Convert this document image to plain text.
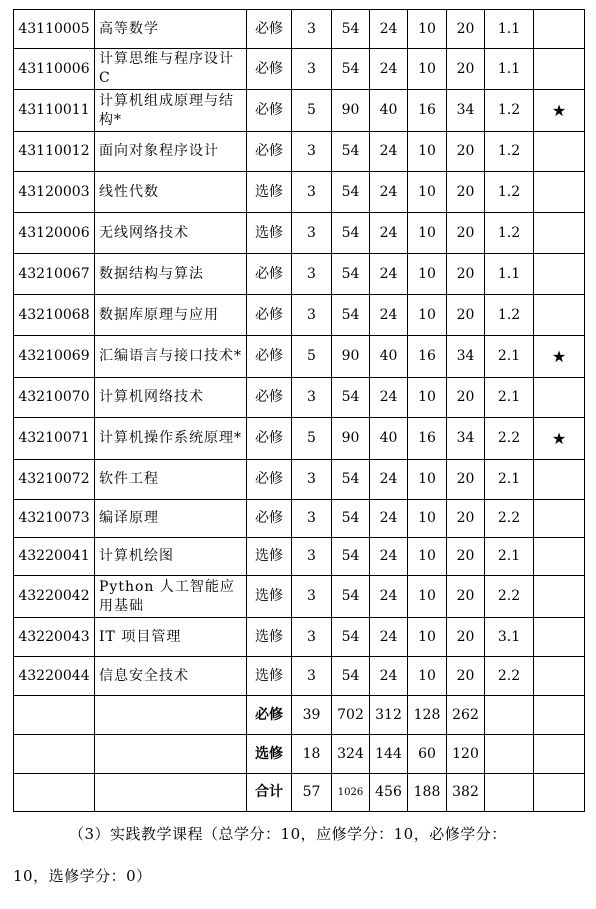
43110005	高等数学	必修	3	54	24	10	20	1.1	
43110006	计算思维与程序设计C	必修	3	54	24	10	20	1.1	
43110011	计算机组成原理与结构*	必修	5	90	40	16	34	1.2	★
43110012	面向对象程序设计	必修	3	54	24	10	20	1.2	
43120003	线性代数	选修	3	54	24	10	20	1.2	
43120006	无线网络技术	选修	3	54	24	10	20	1.2	
43210067	数据结构与算法	必修	3	54	24	10	20	1.1	
43210068	数据库原理与应用	必修	3	54	24	10	20	1.2	
43210069	汇编语言与接口技术*	必修	5	90	40	16	34	2.1	★
43210070	计算机网络技术	必修	3	54	24	10	20	2.1	
43210071	计算机操作系统原理*	必修	5	90	40	16	34	2.2	★
43210072	软件工程	必修	3	54	24	10	20	2.1	
43210073	编译原理	必修	3	54	24	10	20	2.2	
43220041	计算机绘图	选修	3	54	24	10	20	2.1	
43220042	Python 人工智能应用基础	选修	3	54	24	10	20	2.2	
43220043	IT 项目管理	选修	3	54	24	10	20	3.1	
43220044	信息安全技术	选修	3	54	24	10	20	2.2	
		必修	39	702	312	128	262		
		选修	18	324	144	60	120		
		合计	57	1026	456	188	382		
（3）实践教学课程（总学分：10，应修学分：10，必修学分：
10，选修学分：0）
